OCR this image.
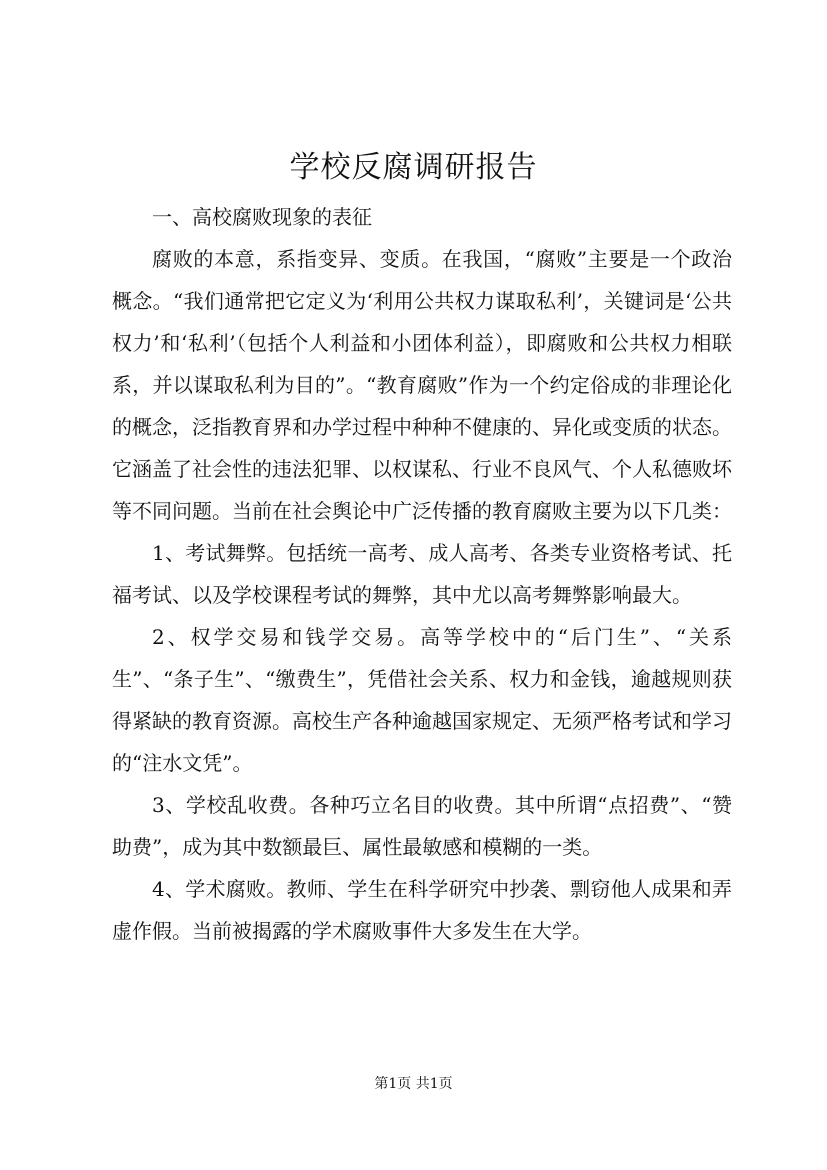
学校反腐调研报告

一、高校腐败现象的表征

腐败的本意，系指变异、变质。在我国，“腐败”主要是一个政治概念。“我们通常把它定义为‘利用公共权力谋取私利’，关键词是‘公共权力’和‘私利’（包括个人利益和小团体利益），即腐败和公共权力相联系，并以谋取私利为目的”。“教育腐败”作为一个约定俗成的非理论化的概念，泛指教育界和办学过程中种种不健康的、异化或变质的状态。它涵盖了社会性的违法犯罪、以权谋私、行业不良风气、个人私德败坏等不同问题。当前在社会舆论中广泛传播的教育腐败主要为以下几类：

1、考试舞弊。包括统一高考、成人高考、各类专业资格考试、托福考试、以及学校课程考试的舞弊，其中尤以高考舞弊影响最大。

2、权学交易和钱学交易。高等学校中的“后门生”、“关系生”、“条子生”、“缴费生”，凭借社会关系、权力和金钱，逾越规则获得紧缺的教育资源。高校生产各种逾越国家规定、无须严格考试和学习的“注水文凭”。

3、学校乱收费。各种巧立名目的收费。其中所谓“点招费”、“赞助费”，成为其中数额最巨、属性最敏感和模糊的一类。

4、学术腐败。教师、学生在科学研究中抄袭、剽窃他人成果和弄虚作假。当前被揭露的学术腐败事件大多发生在大学。

第1页 共1页
